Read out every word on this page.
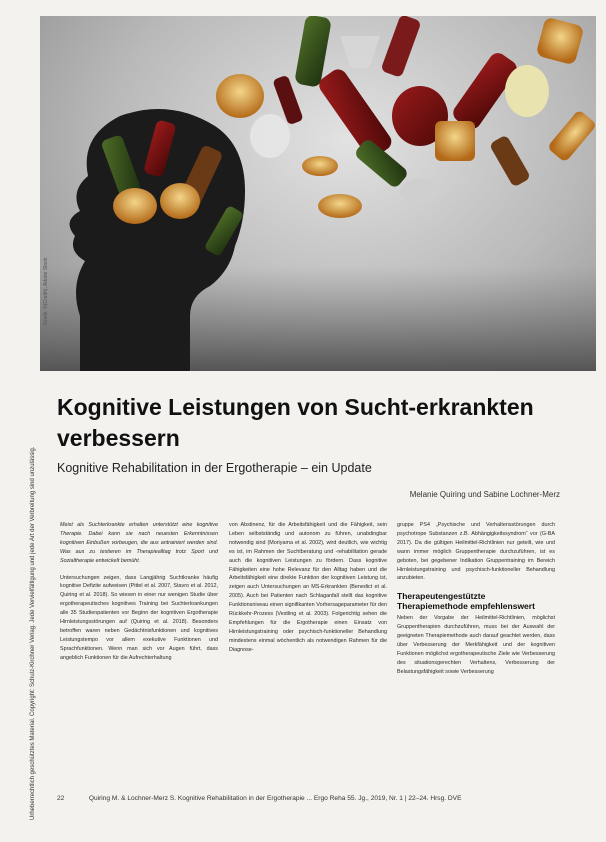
Urheberrechtlich geschütztes Material. Copyright: Schulz-Kirchner Verlag. Jede Vervielfältigung und jede Art der Verbreitung sind unzulässig.
Grafik: ©(Credit), Adobe Stock
Kognitive Leistungen von Sucht-erkrankten verbessern
Kognitive Rehabilitation in der Ergotherapie – ein Update
Melanie Quiring und Sabine Lochner-Merz

Meist als Suchterkrankte erhalten unterstützt eine kognitive Therapie. Dabei kann sie nach neuesten Erkenntnissen kognitiven Einbußen vorbeugen, die aus antrainiert werden sind. Was aus zu testieren im Therapiealltag trotz Sport und Sozialtherapie entwickelt bemüht.

Untersuchungen zeigen, dass Langjährig Suchtkranke häufig kognitive Defizite aufweisen (Pittel et al. 2007, Stavro et al. 2012, Quiring et al. 2018). So wiesen in einer nur wenigen Studie über ergotherapeutisches kognitives Training bei Suchterkrankungen alle 35 Studienpatienten vor Beginn der kognitiven Ergotherapie Hirnleistungsstörungen auf (Quiring et al. 2018). Besonders betroffen waren neben Gedächtnisfunktionen und kognitives Leistungstempo vor allem exekutive Funktionen und Sprachfunktionen. Wenn man sich vor Augen führt, dass angeblich Funktionen für die Aufrechterhaltung

von Abstinenz, für die Arbeitsfähigkeit und die Fähigkeit, sein Leben selbstständig und autonom zu führen, unabdingbar notwendig sind (Moriyama et al. 2002), wird deutlich, wie wichtig es ist, im Rahmen der Suchtberatung und -rehabilitation gerade auch die kognitiven Leistungen zu fördern. Dass kognitive Fähigkeiten eine hohe Relevanz für den Alltag haben und die Arbeitsfähigkeit eine direkte Funktion der kognitiven Leistung ist, zeigen auch Untersuchungen an MS-Erkrankten (Benedict et al. 2005). Auch bei Patienten nach Schlaganfall stellt das kognitive Funktionsniveau einen signifikanten Vorhersageparameter für den Rückkehr-Prozess (Vestling et al. 2003). Folgerichtig sehen die Empfehlungen für die Ergotherapie einen Einsatz von Hirnleistungstraining oder psychisch-funktioneller Behandlung mindestens einmal wöchentlich als notwendigen Rahmen für die Diagnose-

gruppe PS4 „Psychische und Verhaltensstörungen durch psychotrope Substanzen z.B. Abhängigkeitssyndrom“ vor (G-BA 2017). Da die gültigen Heilmittel-Richtlinien nur geteilt, wie und wann immer möglich Gruppentherapie durchzuführen, ist es geboten, bei gegebener Indikation Gruppentraining im Bereich Hirnleistungstraining und psychisch-funktioneller Behandlung anzubieten.

Therapeutengestützte Therapiemethode empfehlenswert

Neben der Vorgabe der Heilmittel-Richtlinien, möglichst Gruppentherapien durchzuführen, muss bei der Auswahl der geeigneten Therapiemethode auch darauf geachtet werden, dass über Verbesserung der Merkfähigkeit und der kognitiven Funktionen möglichst ergotherapeutische Ziele wie Verbesserung des situationsgerechten Verhaltens, Verbesserung der Belastungsfähigkeit sowie Verbesserung

22	Quiring M. & Lochner-Merz S. Kognitive Rehabilitation in der Ergotherapie ... Ergo Reha 55. Jg., 2019, Nr. 1 | 22–24. Hrsg. DVE
